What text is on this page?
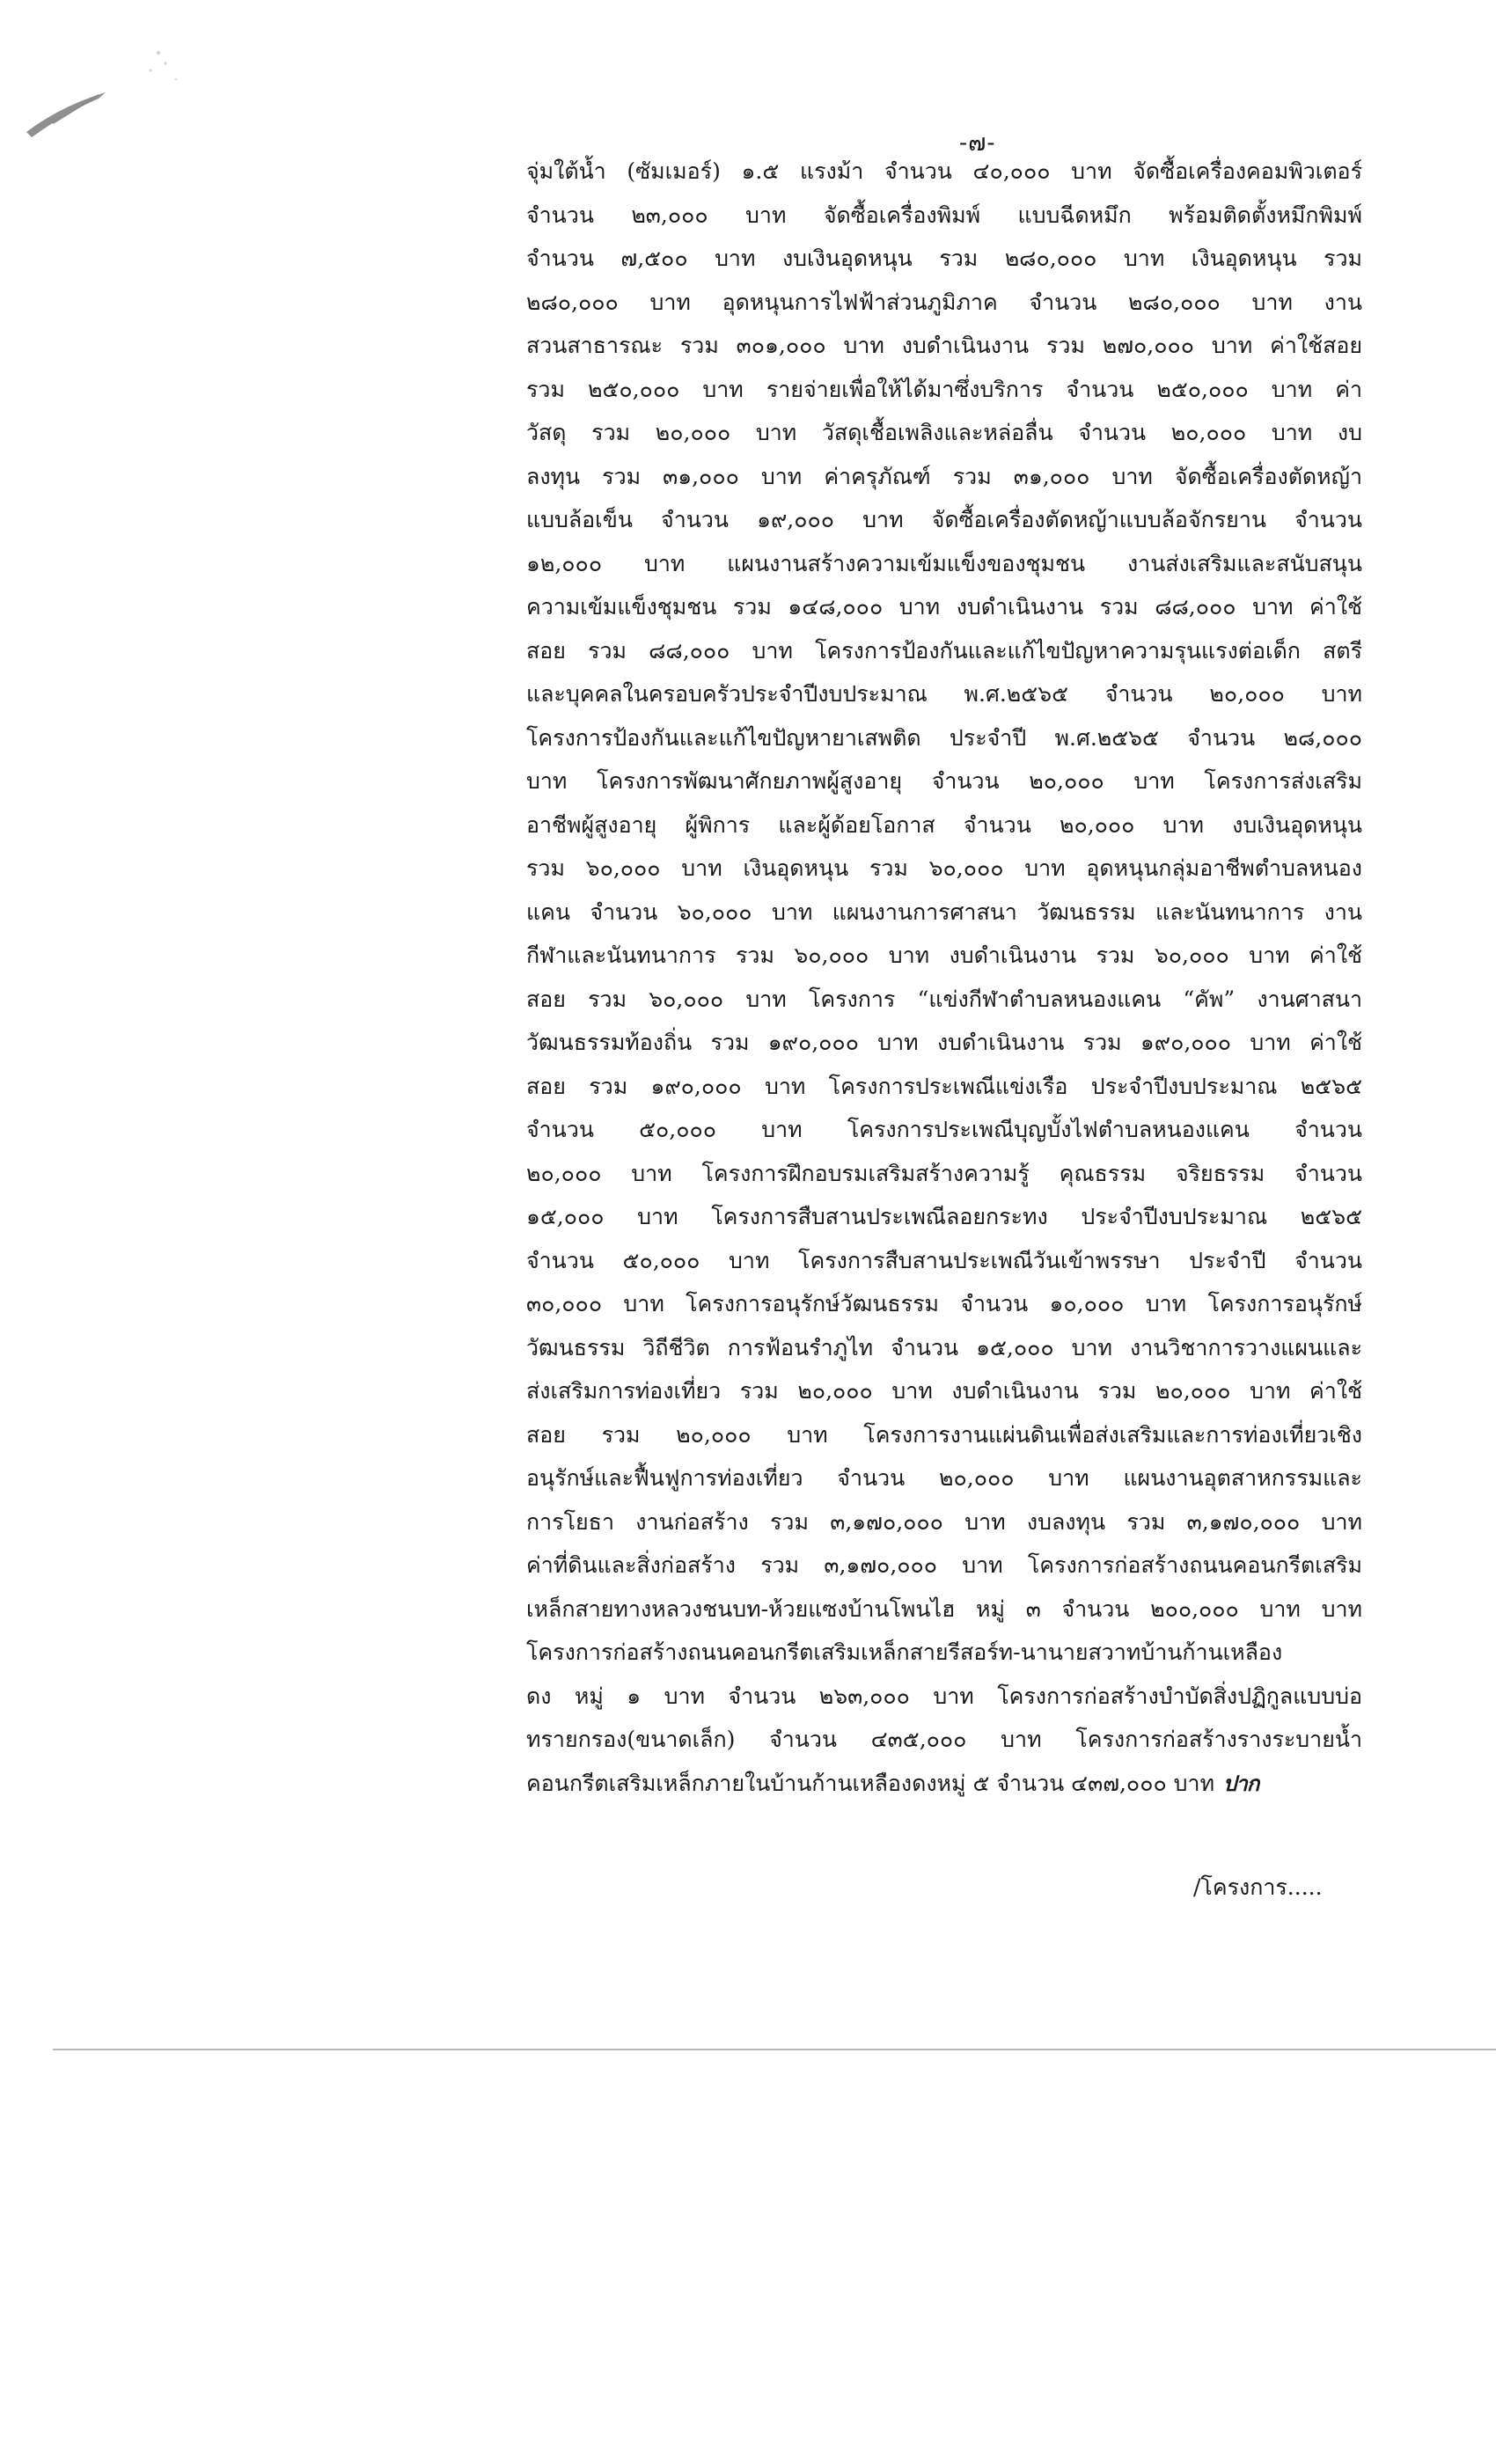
-๗-
จุ่มใต้น้ำ (ซัมเมอร์) ๑.๕ แรงม้า จำนวน ๔๐,๐๐๐ บาท จัดซื้อเครื่องคอมพิวเตอร์
จำนวน ๒๓,๐๐๐ บาท จัดซื้อเครื่องพิมพ์ แบบฉีดหมึก พร้อมติดตั้งหมึกพิมพ์
จำนวน ๗,๕๐๐ บาท งบเงินอุดหนุน รวม ๒๘๐,๐๐๐ บาท เงินอุดหนุน รวม
๒๘๐,๐๐๐ บาท อุดหนุนการไฟฟ้าส่วนภูมิภาค จำนวน ๒๘๐,๐๐๐ บาท งาน
สวนสาธารณะ รวม ๓๐๑,๐๐๐ บาท งบดำเนินงาน รวม ๒๗๐,๐๐๐ บาท ค่าใช้สอย
รวม ๒๕๐,๐๐๐ บาท รายจ่ายเพื่อให้ได้มาซึ่งบริการ จำนวน ๒๕๐,๐๐๐ บาท ค่า
วัสดุ รวม ๒๐,๐๐๐ บาท วัสดุเชื้อเพลิงและหล่อลื่น จำนวน ๒๐,๐๐๐ บาท งบ
ลงทุน รวม ๓๑,๐๐๐ บาท ค่าครุภัณฑ์ รวม ๓๑,๐๐๐ บาท จัดซื้อเครื่องตัดหญ้า
แบบล้อเข็น จำนวน ๑๙,๐๐๐ บาท จัดซื้อเครื่องตัดหญ้าแบบล้อจักรยาน จำนวน
๑๒,๐๐๐ บาท แผนงานสร้างความเข้มแข็งของชุมชน งานส่งเสริมและสนับสนุน
ความเข้มแข็งชุมชน รวม ๑๔๘,๐๐๐ บาท งบดำเนินงาน รวม ๘๘,๐๐๐ บาท ค่าใช้
สอย รวม ๘๘,๐๐๐ บาท โครงการป้องกันและแก้ไขปัญหาความรุนแรงต่อเด็ก สตรี
และบุคคลในครอบครัวประจำปีงบประมาณ พ.ศ.๒๕๖๕ จำนวน ๒๐,๐๐๐ บาท
โครงการป้องกันและแก้ไขปัญหายาเสพติด ประจำปี พ.ศ.๒๕๖๕ จำนวน ๒๘,๐๐๐
บาท โครงการพัฒนาศักยภาพผู้สูงอายุ จำนวน ๒๐,๐๐๐ บาท โครงการส่งเสริม
อาชีพผู้สูงอายุ ผู้พิการ และผู้ด้อยโอกาส จำนวน ๒๐,๐๐๐ บาท งบเงินอุดหนุน
รวม ๖๐,๐๐๐ บาท เงินอุดหนุน รวม ๖๐,๐๐๐ บาท อุดหนุนกลุ่มอาชีพตำบลหนอง
แคน จำนวน ๖๐,๐๐๐ บาท แผนงานการศาสนา วัฒนธรรม และนันทนาการ งาน
กีฬาและนันทนาการ รวม ๖๐,๐๐๐ บาท งบดำเนินงาน รวม ๖๐,๐๐๐ บาท ค่าใช้
สอย รวม ๖๐,๐๐๐ บาท โครงการ “แข่งกีฬาตำบลหนองแคน “คัพ” งานศาสนา
วัฒนธรรมท้องถิ่น รวม ๑๙๐,๐๐๐ บาท งบดำเนินงาน รวม ๑๙๐,๐๐๐ บาท ค่าใช้
สอย รวม ๑๙๐,๐๐๐ บาท โครงการประเพณีแข่งเรือ ประจำปีงบประมาณ ๒๕๖๕
จำนวน ๕๐,๐๐๐ บาท โครงการประเพณีบุญบั้งไฟตำบลหนองแคน จำนวน
๒๐,๐๐๐ บาท โครงการฝึกอบรมเสริมสร้างความรู้ คุณธรรม จริยธรรม จำนวน
๑๕,๐๐๐ บาท โครงการสืบสานประเพณีลอยกระทง ประจำปีงบประมาณ ๒๕๖๕
จำนวน ๕๐,๐๐๐ บาท โครงการสืบสานประเพณีวันเข้าพรรษา ประจำปี จำนวน
๓๐,๐๐๐ บาท โครงการอนุรักษ์วัฒนธรรม จำนวน ๑๐,๐๐๐ บาท โครงการอนุรักษ์
วัฒนธรรม วิถีชีวิต การฟ้อนรำภูไท จำนวน ๑๕,๐๐๐ บาท งานวิชาการวางแผนและ
ส่งเสริมการท่องเที่ยว รวม ๒๐,๐๐๐ บาท งบดำเนินงาน รวม ๒๐,๐๐๐ บาท ค่าใช้
สอย รวม ๒๐,๐๐๐ บาท โครงการงานแผ่นดินเพื่อส่งเสริมและการท่องเที่ยวเชิง
อนุรักษ์และฟื้นฟูการท่องเที่ยว จำนวน ๒๐,๐๐๐ บาท แผนงานอุตสาหกรรมและ
การโยธา งานก่อสร้าง รวม ๓,๑๗๐,๐๐๐ บาท งบลงทุน รวม ๓,๑๗๐,๐๐๐ บาท
ค่าที่ดินและสิ่งก่อสร้าง รวม ๓,๑๗๐,๐๐๐ บาท โครงการก่อสร้างถนนคอนกรีตเสริม
เหล็กสายทางหลวงชนบท-ห้วยแซงบ้านโพนไฮ หมู่ ๓ จำนวน ๒๐๐,๐๐๐ บาท บาท
โครงการก่อสร้างถนนคอนกรีตเสริมเหล็กสายรีสอร์ท-นานายสวาทบ้านก้านเหลือง
ดง หมู่ ๑ บาท จำนวน ๒๖๓,๐๐๐ บาท โครงการก่อสร้างบำบัดสิ่งปฏิกูลแบบบ่อ
ทรายกรอง(ขนาดเล็ก) จำนวน ๔๓๕,๐๐๐ บาท โครงการก่อสร้างรางระบายน้ำ
คอนกรีตเสริมเหล็กภายในบ้านก้านเหลืองดงหมู่ ๕ จำนวน ๔๓๗,๐๐๐ บาท ปาก
/โครงการ.....
